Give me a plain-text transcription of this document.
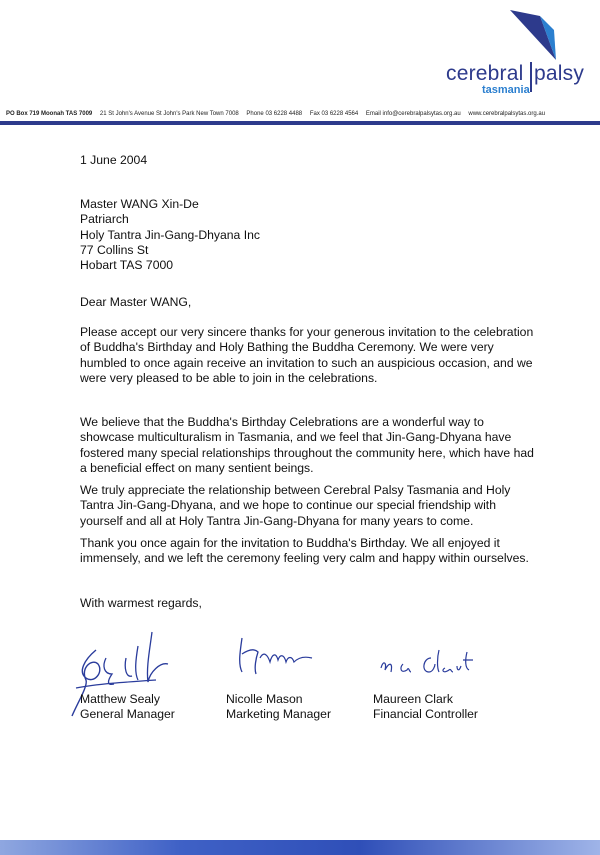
cerebral palsy
tasmania
PO Box 719 Moonah TAS 7009 21 St John's Avenue St John's Park New Town 7008 Phone 03 6228 4488 Fax 03 6228 4564 Email info@cerebralpalsytas.org.au www.cerebralpalsytas.org.au
1 June 2004
Master WANG Xin-De
Patriarch
Holy Tantra Jin-Gang-Dhyana Inc
77 Collins St
Hobart TAS 7000
Dear Master WANG,

Please accept our very sincere thanks for your generous invitation to the celebration of Buddha's Birthday and Holy Bathing the Buddha Ceremony. We were very humbled to once again receive an invitation to such an auspicious occasion, and we were very pleased to be able to join in the celebrations.

We believe that the Buddha's Birthday Celebrations are a wonderful way to showcase multiculturalism in Tasmania, and we feel that Jin-Gang-Dhyana have fostered many special relationships throughout the community here, which have had a beneficial effect on many sentient beings.

We truly appreciate the relationship between Cerebral Palsy Tasmania and Holy Tantra Jin-Gang-Dhyana, and we hope to continue our special friendship with yourself and all at Holy Tantra Jin-Gang-Dhyana for many years to come.

Thank you once again for the invitation to Buddha's Birthday. We all enjoyed it immensely, and we left the ceremony feeling very calm and happy within ourselves.

With warmest regards,
Matthew Sealy
General Manager
Nicolle Mason
Marketing Manager
Maureen Clark
Financial Controller
